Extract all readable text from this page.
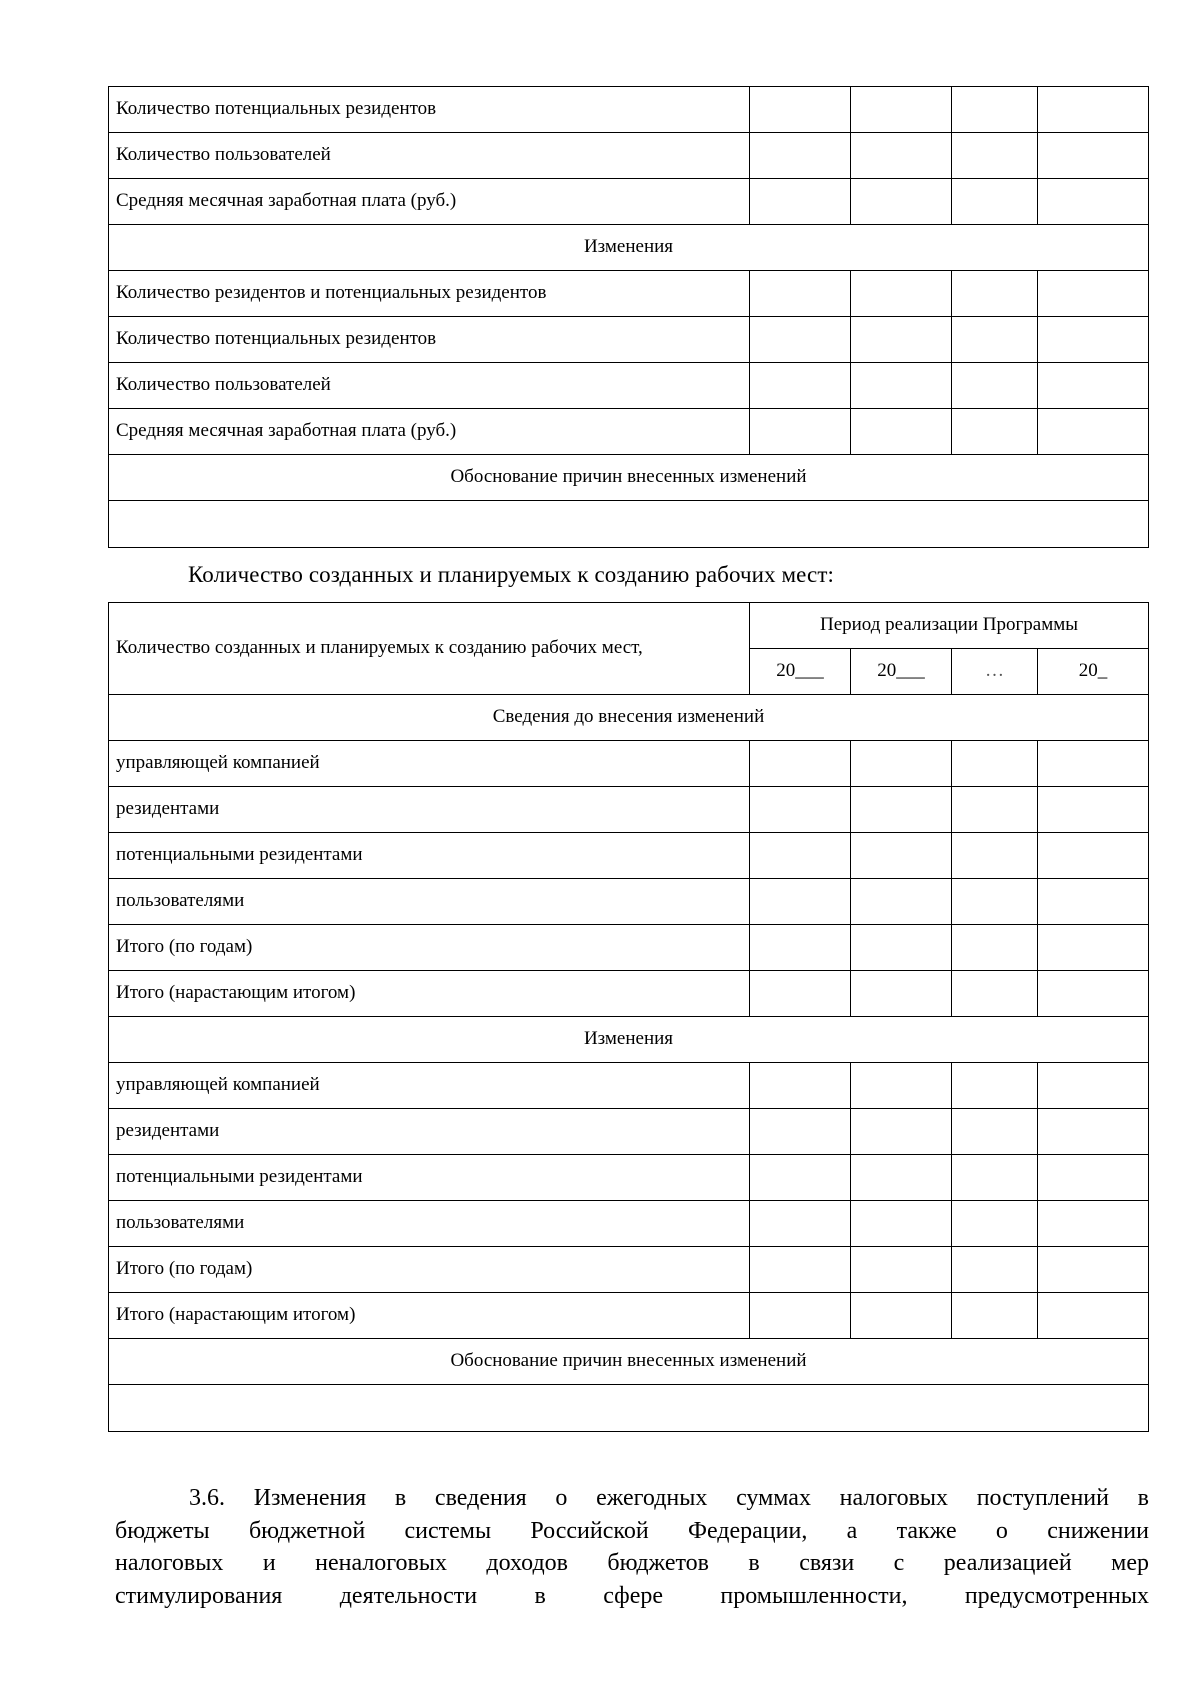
Количество потенциальных резидентов				
Количество пользователей				
Средняя месячная заработная плата (руб.)				
Изменения				
Количество резидентов и потенциальных резидентов				
Количество потенциальных резидентов				
Количество пользователей				
Средняя месячная заработная плата (руб.)				
Обоснование причин внесенных изменений				

Количество созданных и планируемых к созданию рабочих мест:
Количество созданных и планируемых к созданию рабочих мест,	Период реализации Программы			
	20___	20___	…	20_
Сведения до внесения изменений				
управляющей компанией				
резидентами				
потенциальными резидентами				
пользователями				
Итого (по годам)				
Итого (нарастающим итогом)				
Изменения				
управляющей компанией				
резидентами				
потенциальными резидентами				
пользователями				
Итого (по годам)				
Итого (нарастающим итогом)				
Обоснование причин внесенных изменений				

3.6. Изменения в сведения о ежегодных суммах налоговых поступлений в
бюджеты бюджетной системы Российской Федерации, а также о снижении
налоговых и неналоговых доходов бюджетов в связи с реализацией мер
стимулирования деятельности в сфере промышленности, предусмотренных
